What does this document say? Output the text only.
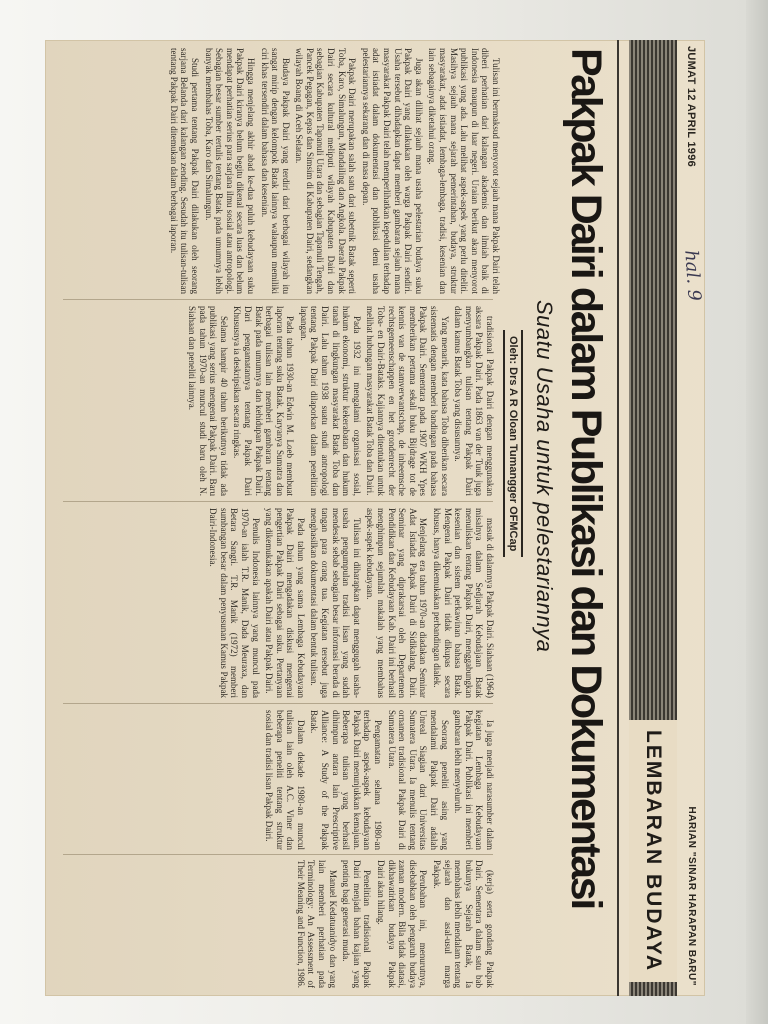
JUMAT 12 APRIL 1996
hal. 9
HARIAN "SINAR HARAPAN BARU"
LEMBARAN BUDAYA
Pakpak Dairi dalam Publikasi dan Dokumentasi
Suatu Usaha untuk pelestariannya
Oleh: Drs A R Oloan Tumangger OFMCap

Tulisan ini bermaksud menyorot sejauh mana Pakpak Dairi telah diberi perhatian dari kalangan akademis dan ilmiah baik di Indonesia maupun di luar negeri. Uraian berikut akan menyorot publikasi yang ada. Lalu melihat aspek-aspek yang perlu diteliti. Masihya sejauh mana sejarah pemerintahan, budaya, struktur masyarakat, adat istiadat, lembaga-lembaga, tradisi, kesenian dan lain sebagainya diketahui orang.

Juga akan dilihat sejauh mana usaha pelestarian budaya suku Pakpak Dairi yang dilakukan oleh warga Pakpak Dairi sendiri. Usaha tersebut dihadapkan dapat memberi gambaran sejauh mana masyarakat Pakpak Dairi telah memperlihatkan kepedulian terhadap adat istiadat dalam dokumentasi dan publikasi demi usaha pelestariannya sekarang dan di masa depan.

Pakpak Dairi merupakan salah satu dari subetnik Batak seperti Toba, Karo, Simalungun, Mandailing dan Angkola. Daerah Pakpak Dairi secara kultural meliputi wilayah Kabupaten Dairi dan sebagian Kabupaten Tapanuli Utara dan sebagian Tapanuli Tengah, Pancek Pegagan, Kepas dan Simsim di Kabupaten Dairi, sedangkan wilayah Boang di Aceh Selatan.

Budaya Pakpak Dairi yang terdiri dari berbagai wilayah itu sangat mirip dengan kelompok Batak lainnya walaupun memiliki ciri khas tersendiri dalam bahasa dan kesenian.

Hingga menjelang akhir abad ke-dua puluh kebudayaan suku Pakpak Dairi kiranya belum begitu dikenal secara luas dan belum mendapat perhatian serius para sarjana ilmu sosial atau antropologi. Sebagian besar sumber tertulis tentang Batak pada umumnya lebih banyak membahas Toba, Karo dan Simalungun.

Studi pertama tentang Pakpak Dairi dilakukan oleh seorang sarjana Belanda dari kalangan zending. Sesudah itu tulisan-tulisan tentang Pakpak Dairi ditemukan dalam berbagai laporan.

tradisional Pakpak Dairi dengan menggunakan aksara Pakpak Dairi. Pada 1863 van der Tuuk juga menyumbangkan tulisan tentang Pakpak Dairi dalam kamus Batak Toba yang disusunnya.

Yang menarik, kata bahasa Toba diberikan secara sistematis dengan memberi bandingan pada bahasa Pakpak Dairi. Sementara pada 1907 WKH Ypes memberikan pertama sekali buku Bijdrage tot de kennis van de stamverwantschap, de inheemsche rechtsgemeenschappen en het grondenrecht der Toba- en Dairi-Bataks. Kajiannya ditentukan untuk melihat hubungan masyarakat Batak Toba dan Dairi.

Pada 1932 ini mengalami organisasi sosial, hukum ekonomi, struktur kekerabatan dan hukum tanah di lingkungan masyarakat Batak Toba dan Dairi. Lalu tahun 1938 suatu studi antropologi tentang Pakpak Dairi dilaporkan dalam penelitian lapangan.

Pada tahun 1930-an Edwin M. Loeb membuat laporan tentang suku Batak. Karyanya Sumatra dan berbagai tulisan lain memberi gambaran tentang Batak pada umumnya dan kehidupan Pakpak Dairi. Dari pengamatannya tentang Pakpak Dairi Khususnya ia deskripsikan secara ringkas.

Selama hampir 40 tahun berikutnya tidak ada publikasi yang serius mengenai Pakpak Dairi. Baru pada tahun 1970-an muncul studi baru oleh N. Siahaan dan peneliti lainnya.

masuk di dalamnya Pakpak Dairi. Siahaan (1964) misalnya dalam Sedjarah Kebudajaan Batak menuliskan tentang Pakpak Dairi, menggabungkan kesenian dan sistem perkawinan bahasa Batak. Mengenai Pakpak Dairi tidak dikupas secara khusus, hanya dikemukakan perbandingan dialek.

Menjelang era tahun 1970-an diadakan Seminar Adat Istiadat Pakpak Dairi di Sidikalang, Dairi. Seminar yang diprakarsai oleh Departemen Pendidikan dan Kebudayaan Kab. Dairi ini berhasil menghimpun sejumlah makalah yang membahas aspek-aspek kebudayaan.

Tulisan ini diharapkan dapat menggugah usaha-usaha pengumpulan tradisi lisan yang sudah mendesak sebab sebagian besar informasi berada di tangan para orang tua. Kegiatan tersebut juga menghasilkan dokumentasi dalam bentuk tulisan.

Pada tahun yang sama Lembaga Kebudayaan Pakpak Dairi mengadakan diskusi mengenai pengertian Pakpak Dairi sebagai suku. Pertanyaan yang dikemukakan apakah Dairi atau Pakpak Dairi.

Penulis Indonesia lainnya yang muncul pada 1970-an ialah T.R. Manik, Dada Meuraxa, dan Betara Sangti. T.R. Manik (1972) memberi sumbangan besar dalam penyusunan Kamus Pakpak Dairi-Indonesia.

Ia juga menjadi narasumber dalam kegiatan Lembaga Kebudayaan Pakpak Dairi. Publikasi ini memberi gambaran lebih menyeluruh.

Seorang peneliti asing yang mendalami Pakpak Dairi adalah Unreal Siagian dari Universitas Sumatera Utara. Ia menulis tentang ornamen tradisional Pakpak Dairi di Sumatera Utara.

Pengamatan selama 1980-an terhadap aspek-aspek kebudayaan Pakpak Dairi menunjukkan kemajuan. Beberapa tulisan yang berhasil dihimpun antara lain Prescriptive Alliance: A Study of the Pakpak Batak.

Dalam dekade 1980-an muncul tulisan lain oleh A.C. Viner dan beberapa peneliti tentang struktur sosial dan tradisi lisan Pakpak Dairi.

(kerja) serta gondang Pakpak Dairi. Sementara dalam satu bab bukunya Sejarah Batak, Ia membahas lebih mendalam tentang sejarah dan asal-usul marga Pakpak.

Perubahan ini, menurutnya, disebabkan oleh pengaruh budaya zaman modern. Bila tidak diatasi, dikhawatirkan budaya Pakpak Dairi akan hilang.

Penelitian tradisional Pakpak Dairi menjadi bahan kajian yang penting bagi generasi muda.

Manuel Kedatuanidyo dan yang lain memberi perhatian pada Terminology: An Assessment of Their Meaning and Function, 1986.
